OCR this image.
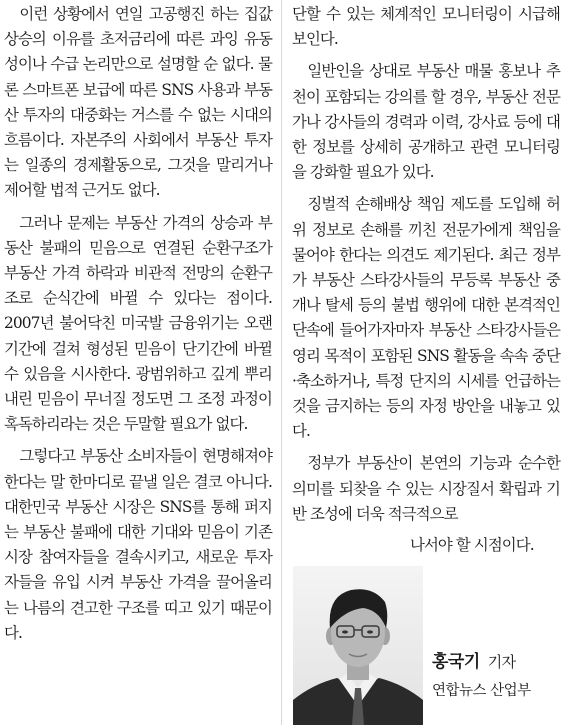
이런 상황에서 연일 고공행진 하는 집값 상승의 이유를 초저금리에 따른 과잉 유동성이나 수급 논리만으로 설명할 순 없다. 물론 스마트폰 보급에 따른 SNS 사용과 부동산 투자의 대중화는 거스를 수 없는 시대의 흐름이다. 자본주의 사회에서 부동산 투자는 일종의 경제활동으로, 그것을 말리거나 제어할 법적 근거도 없다.

그러나 문제는 부동산 가격의 상승과 부동산 불패의 믿음으로 연결된 순환구조가 부동산 가격 하락과 비관적 전망의 순환구조로 순식간에 바뀔 수 있다는 점이다. 2007년 불어닥친 미국발 금융위기는 오랜 기간에 걸쳐 형성된 믿음이 단기간에 바뀔 수 있음을 시사한다. 광범위하고 깊게 뿌리내린 믿음이 무너질 정도면 그 조정 과정이 혹독하리라는 것은 두말할 필요가 없다.

그렇다고 부동산 소비자들이 현명해져야 한다는 말 한마디로 끝낼 일은 결코 아니다. 대한민국 부동산 시장은 SNS를 통해 퍼지는 부동산 불패에 대한 기대와 믿음이 기존 시장 참여자들을 결속시키고, 새로운 투자자들을 유입 시켜 부동산 가격을 끌어올리는 나름의 견고한 구조를 띠고 있기 때문이다.

단할 수 있는 체계적인 모니터링이 시급해 보인다.

일반인을 상대로 부동산 매물 홍보나 추천이 포함되는 강의를 할 경우, 부동산 전문가나 강사들의 경력과 이력, 강사료 등에 대한 정보를 상세히 공개하고 관련 모니터링을 강화할 필요가 있다.

징벌적 손해배상 책임 제도를 도입해 허위 정보로 손해를 끼친 전문가에게 책임을 물어야 한다는 의견도 제기된다. 최근 정부가 부동산 스타강사들의 무등록 부동산 중개나 탈세 등의 불법 행위에 대한 본격적인 단속에 들어가자마자 부동산 스타강사들은 영리 목적이 포함된 SNS 활동을 속속 중단·축소하거나, 특정 단지의 시세를 언급하는 것을 금지하는 등의 자정 방안을 내놓고 있다.

정부가 부동산이 본연의 기능과 순수한 의미를 되찾을 수 있는 시장질서 확립과 기반 조성에 더욱 적극적으로

나서야 할 시점이다.

홍국기 기자
연합뉴스 산업부
